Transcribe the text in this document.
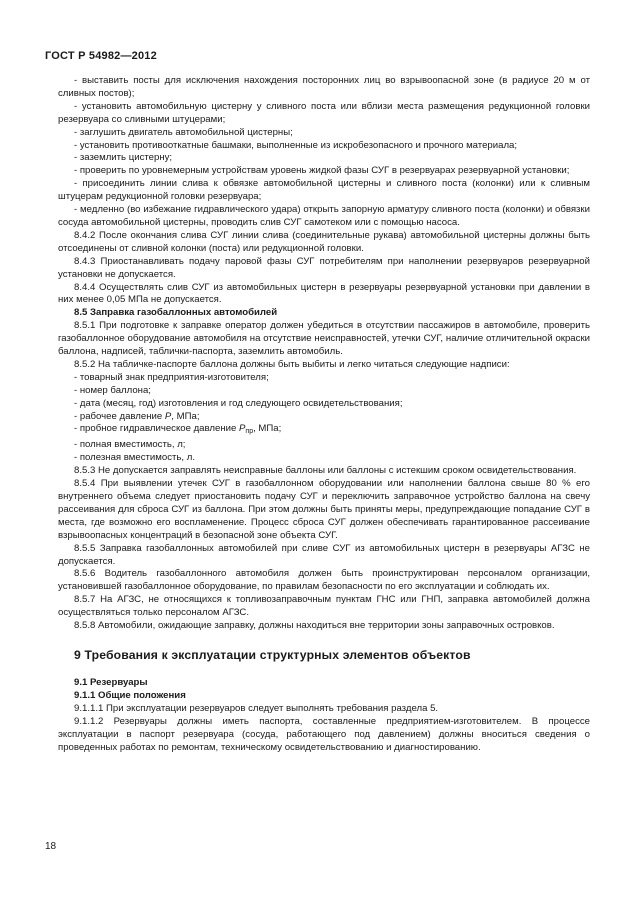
ГОСТ Р 54982—2012

- выставить посты для исключения нахождения посторонних лиц во взрывоопасной зоне (в радиусе 20 м от сливных постов);

- установить автомобильную цистерну у сливного поста или вблизи места размещения редукционной головки резервуара со сливными штуцерами;

- заглушить двигатель автомобильной цистерны;

- установить противооткатные башмаки, выполненные из искробезопасного и прочного материала;

- заземлить цистерну;

- проверить по уровнемерным устройствам уровень жидкой фазы СУГ в резервуарах резервуарной установки;

- присоединить линии слива к обвязке автомобильной цистерны и сливного поста (колонки) или к сливным штуцерам редукционной головки резервуара;

- медленно (во избежание гидравлического удара) открыть запорную арматуру сливного поста (колонки) и обвязки сосуда автомобильной цистерны, проводить слив СУГ самотеком или с помощью насоса.

8.4.2 После окончания слива СУГ линии слива (соединительные рукава) автомобильной цистерны должны быть отсоединены от сливной колонки (поста) или редукционной головки.

8.4.3 Приостанавливать подачу паровой фазы СУГ потребителям при наполнении резервуаров резервуарной установки не допускается.

8.4.4 Осуществлять слив СУГ из автомобильных цистерн в резервуары резервуарной установки при давлении в них менее 0,05 МПа не допускается.

8.5 Заправка газобаллонных автомобилей

8.5.1 При подготовке к заправке оператор должен убедиться в отсутствии пассажиров в автомобиле, проверить газобаллонное оборудование автомобиля на отсутствие неисправностей, утечки СУГ, наличие отличительной окраски баллона, надписей, таблички-паспорта, заземлить автомобиль.

8.5.2 На табличке-паспорте баллона должны быть выбиты и легко читаться следующие надписи:

- товарный знак предприятия-изготовителя;

- номер баллона;

- дата (месяц, год) изготовления и год следующего освидетельствования;

- рабочее давление P, МПа;

- пробное гидравлическое давление $P_{пр}$, МПа;

- полная вместимость, л;

- полезная вместимость, л.

8.5.3 Не допускается заправлять неисправные баллоны или баллоны с истекшим сроком освидетельствования.

8.5.4 При выявлении утечек СУГ в газобаллонном оборудовании или наполнении баллона свыше 80 % его внутреннего объема следует приостановить подачу СУГ и переключить заправочное устройство баллона на свечу рассеивания для сброса СУГ из баллона. При этом должны быть приняты меры, предупреждающие попадание СУГ в места, где возможно его воспламенение. Процесс сброса СУГ должен обеспечивать гарантированное рассеивание взрывоопасных концентраций в безопасной зоне объекта СУГ.

8.5.5 Заправка газобаллонных автомобилей при сливе СУГ из автомобильных цистерн в резервуары АГЗС не допускается.

8.5.6 Водитель газобаллонного автомобиля должен быть проинструктирован персоналом организации, установившей газобаллонное оборудование, по правилам безопасности по его эксплуатации и соблюдать их.

8.5.7 На АГЗС, не относящихся к топливозаправочным пунктам ГНС или ГНП, заправка автомобилей должна осуществляться только персоналом АГЗС.

8.5.8 Автомобили, ожидающие заправку, должны находиться вне территории зоны заправочных островков.

9 Требования к эксплуатации структурных элементов объектов

9.1 Резервуары

9.1.1 Общие положения

9.1.1.1 При эксплуатации резервуаров следует выполнять требования раздела 5.

9.1.1.2 Резервуары должны иметь паспорта, составленные предприятием-изготовителем. В процессе эксплуатации в паспорт резервуара (сосуда, работающего под давлением) должны вноситься сведения о проведенных работах по ремонтам, техническому освидетельствованию и диагностированию.

18
